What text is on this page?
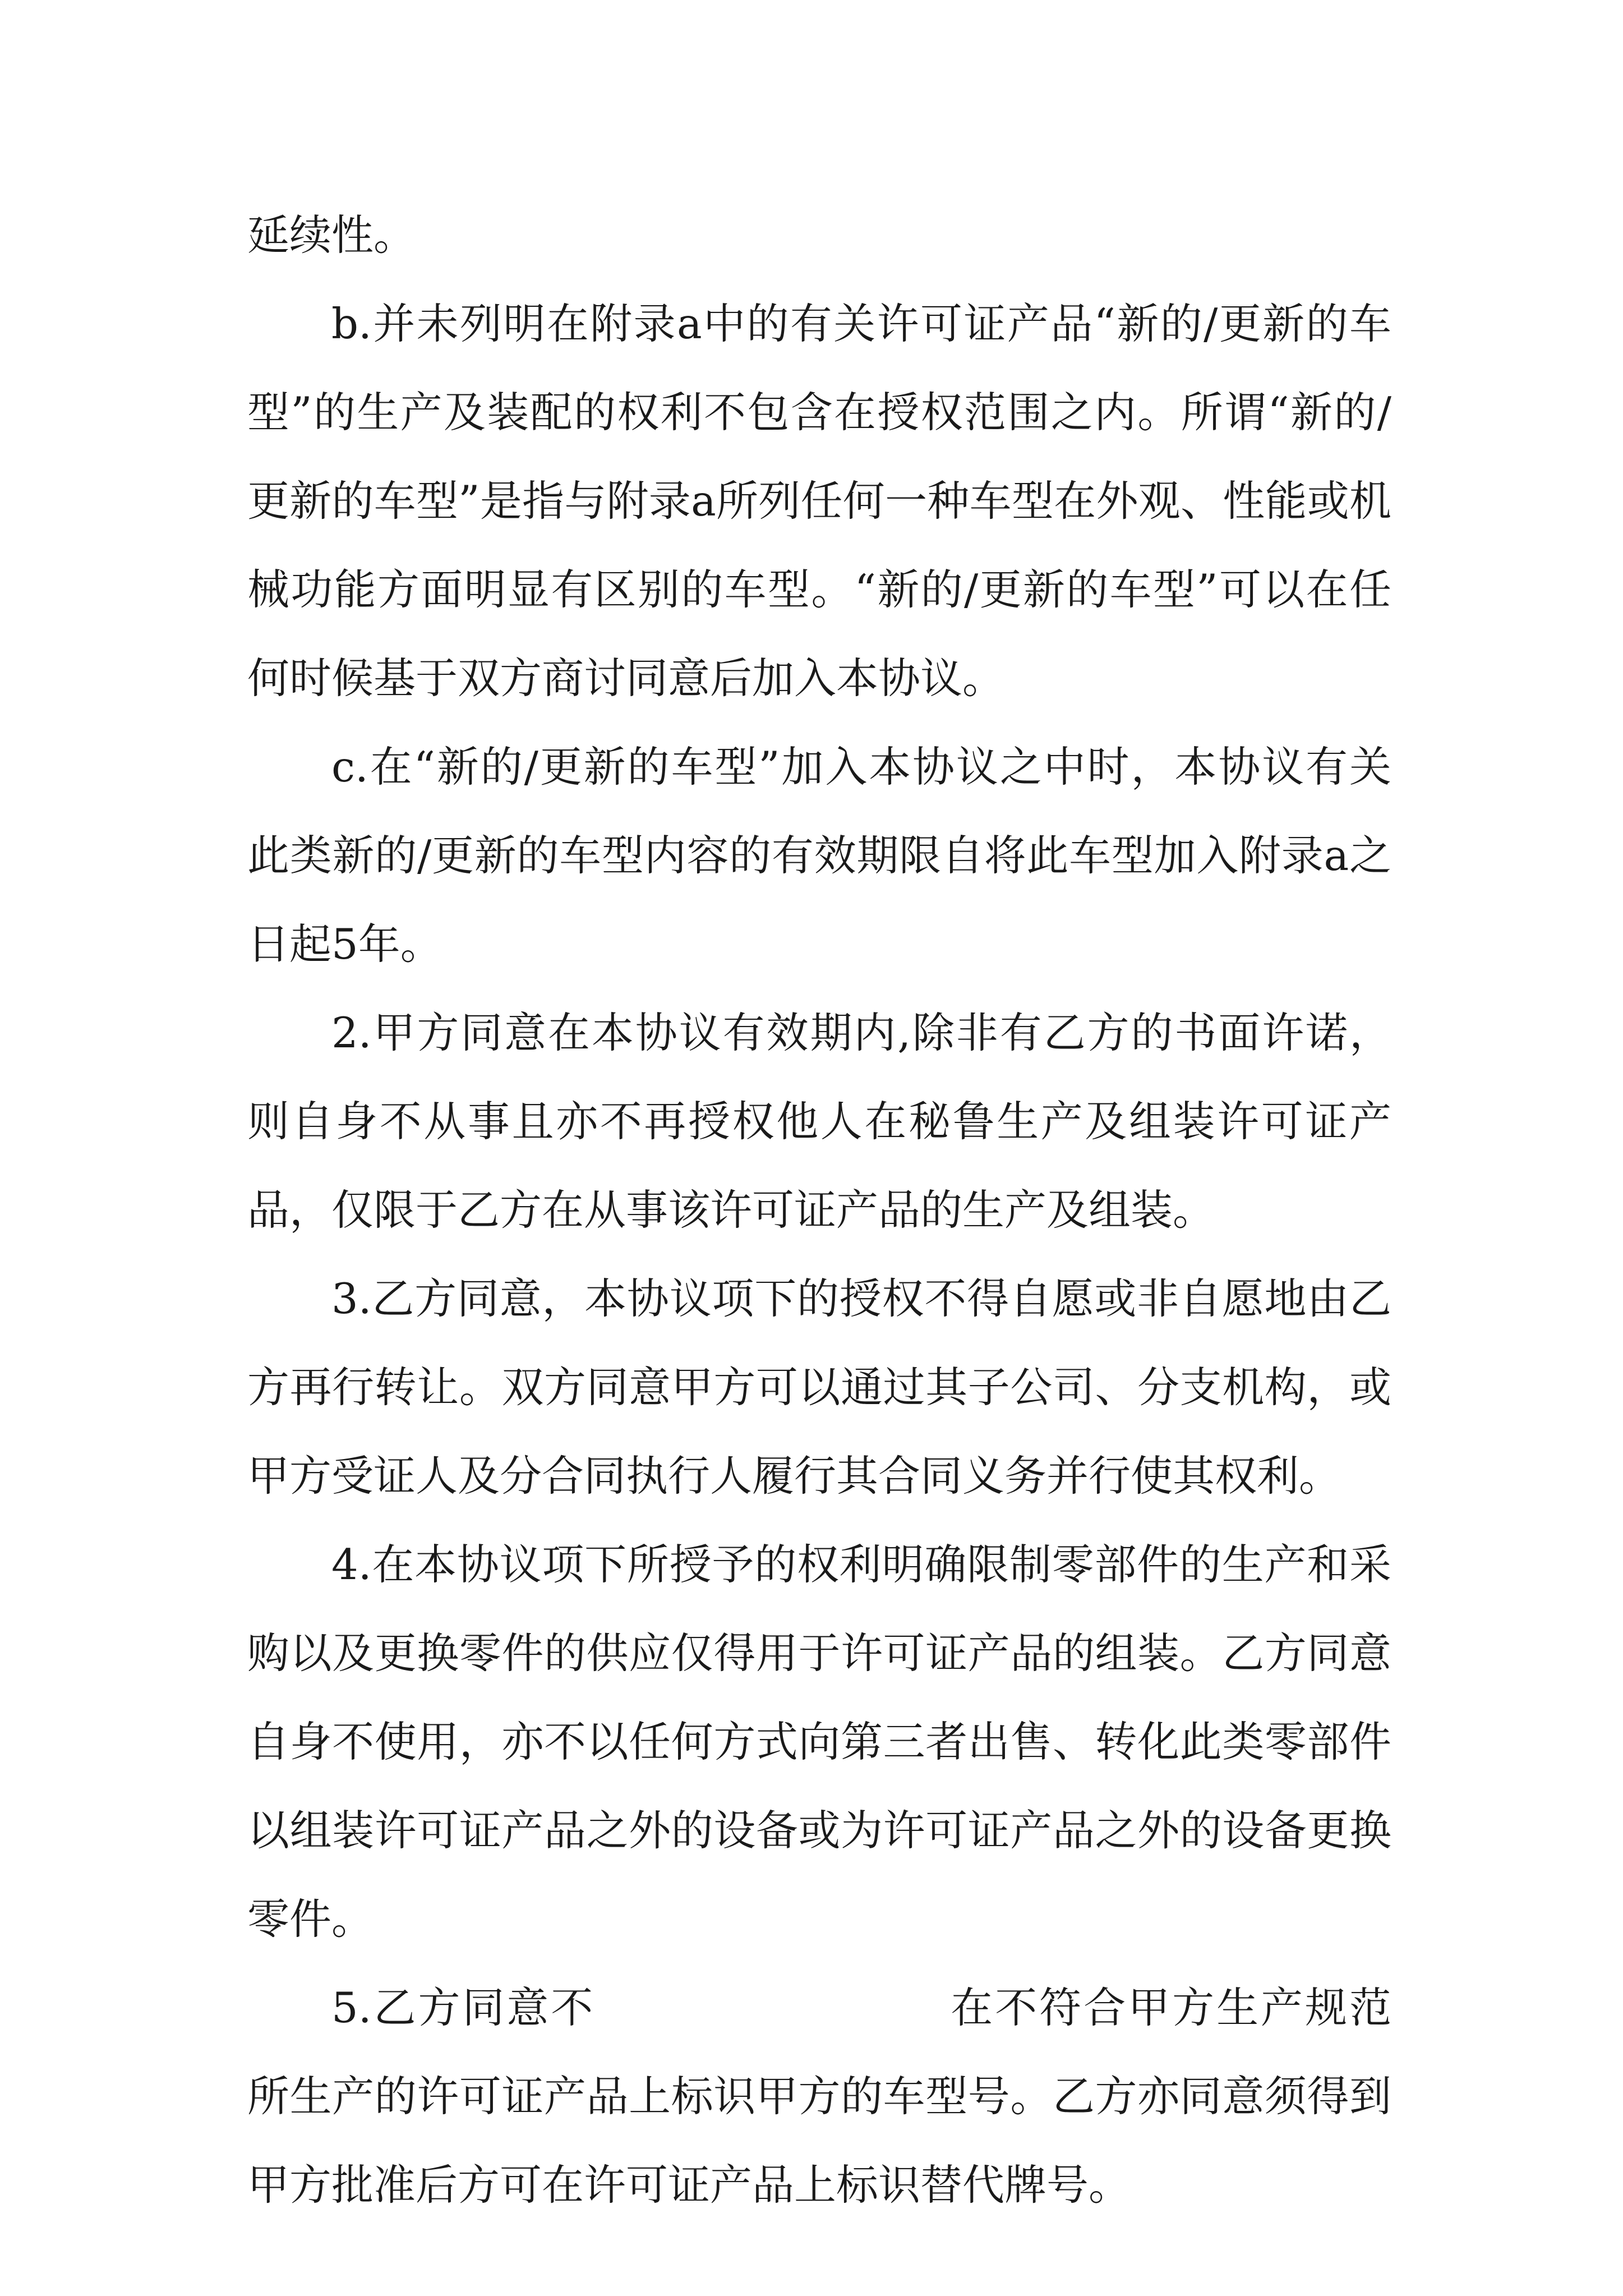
延续性。

b.并未列明在附录a中的有关许可证产品“新的/更新的车型”的生产及装配的权利不包含在授权范围之内。所谓“新的/更新的车型”是指与附录a所列任何一种车型在外观、性能或机械功能方面明显有区别的车型。“新的/更新的车型”可以在任何时候基于双方商讨同意后加入本协议。

c.在“新的/更新的车型”加入本协议之中时，本协议有关此类新的/更新的车型内容的有效期限自将此车型加入附录a之日起5年。

2.甲方同意在本协议有效期内,除非有乙方的书面许诺，则自身不从事且亦不再授权他人在秘鲁生产及组装许可证产品，仅限于乙方在从事该许可证产品的生产及组装。

3.乙方同意，本协议项下的授权不得自愿或非自愿地由乙方再行转让。双方同意甲方可以通过其子公司、分支机构，或甲方受证人及分合同执行人履行其合同义务并行使其权利。

4.在本协议项下所授予的权利明确限制零部件的生产和采购以及更换零件的供应仅得用于许可证产品的组装。乙方同意自身不使用，亦不以任何方式向第三者出售、转化此类零部件以组装许可证产品之外的设备或为许可证产品之外的设备更换零件。

5.乙方同意不	在不符合甲方生产规范所生产的许可证产品上标识甲方的车型号。乙方亦同意须得到甲方批准后方可在许可证产品上标识替代牌号。
